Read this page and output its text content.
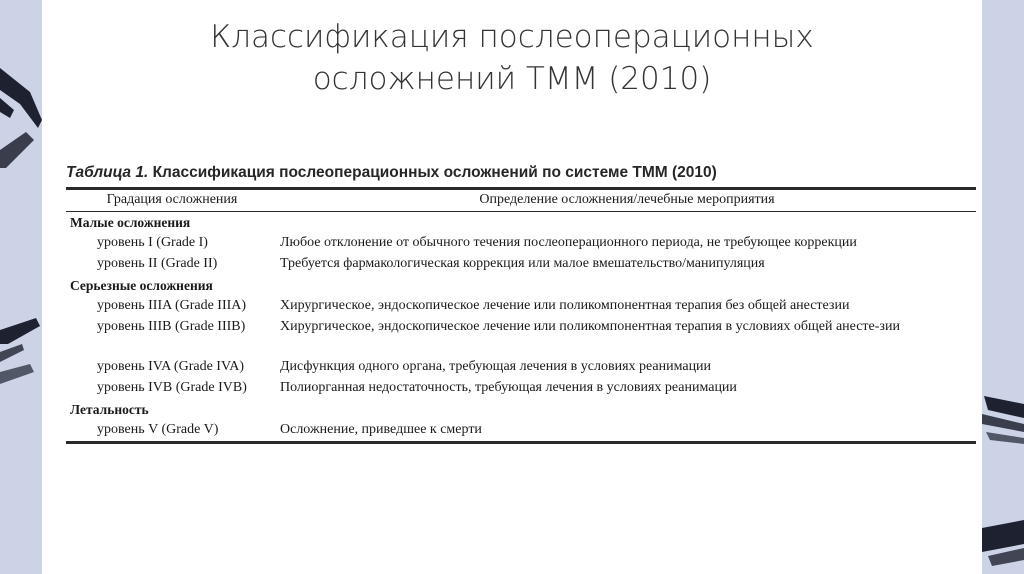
Классификация послеоперационных
осложнений ТММ (2010)
Таблица 1. Классификация послеоперационных осложнений по системе ТММ (2010)
Градация осложнения	Определение осложнения/лечебные мероприятия
Малые осложнения
уровень I (Grade I)	Любое отклонение от обычного течения послеоперационного периода, не требующее коррекции
уровень II (Grade II)	Требуется фармакологическая коррекция или малое вмешательство/манипуляция
Серьезные осложнения
уровень IIIA (Grade IIIA)	Хирургическое, эндоскопическое лечение или поликомпонентная терапия без общей анестезии
уровень IIIB (Grade IIIB)	Хирургическое, эндоскопическое лечение или поликомпонентная терапия в условиях общей анесте-зии
уровень IVA (Grade IVA)	Дисфункция одного органа, требующая лечения в условиях реанимации
уровень IVB (Grade IVB)	Полиорганная недостаточность, требующая лечения в условиях реанимации
Летальность
уровень V (Grade V)	Осложнение, приведшее к смерти
